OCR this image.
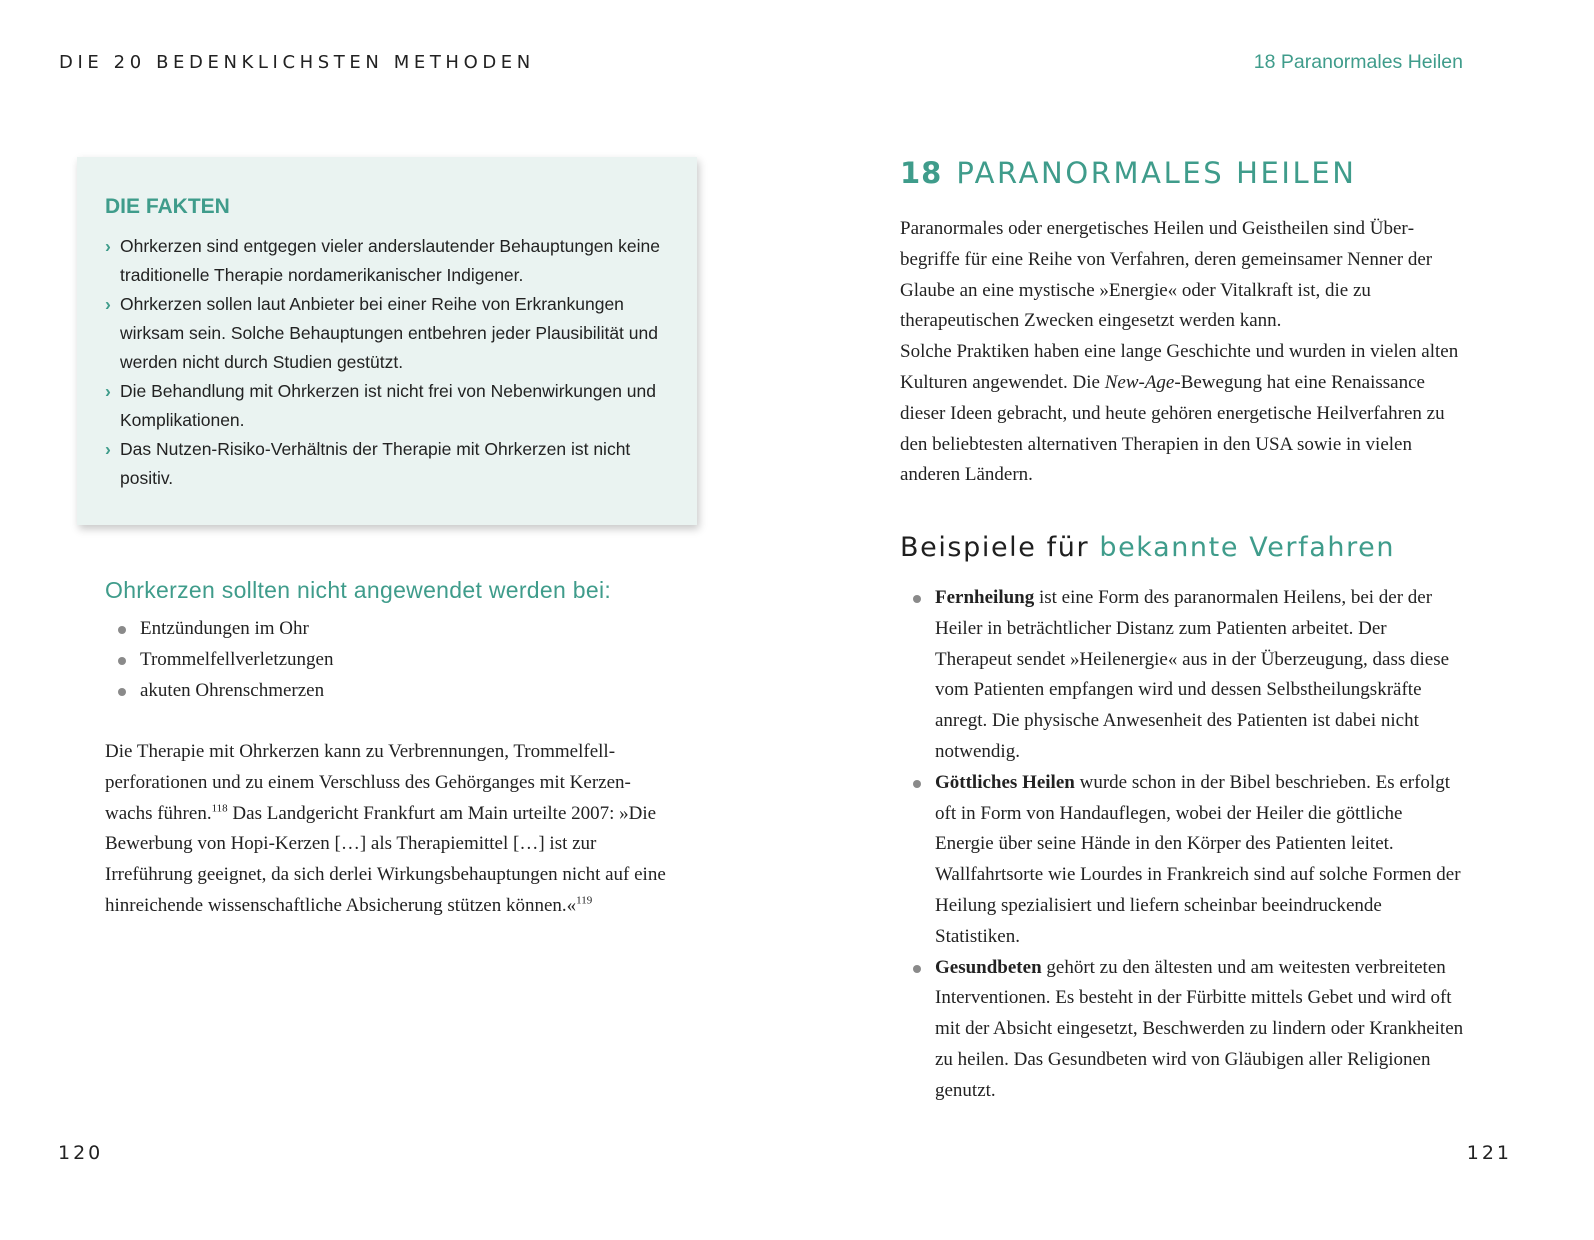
DIE 20 BEDENKLICHSTEN METHODEN	18 Paranormales Heilen
DIE FAKTEN
› Ohrkerzen sind entgegen vieler anderslautender Behauptungen keine traditionelle Therapie nordamerikanischer Indigener.
› Ohrkerzen sollen laut Anbieter bei einer Reihe von Erkrankungen wirksam sein. Solche Behauptungen entbehren jeder Plausibilität und werden nicht durch Studien gestützt.
› Die Behandlung mit Ohrkerzen ist nicht frei von Nebenwirkungen und Komplikationen.
› Das Nutzen-Risiko-Verhältnis der Therapie mit Ohrkerzen ist nicht positiv.
Ohrkerzen sollten nicht angewendet werden bei:
Entzündungen im Ohr
Trommelfellverletzungen
akuten Ohrenschmerzen

Die Therapie mit Ohrkerzen kann zu Verbrennungen, Trommelfellperforationen und zu einem Verschluss des Gehörganges mit Kerzenwachs führen.$^{118}$ Das Landgericht Frankfurt am Main urteilte 2007: »Die Bewerbung von Hopi-Kerzen […] als Therapiemittel […] ist zur Irreführung geeignet, da sich derlei Wirkungsbehauptungen nicht auf eine hinreichende wissenschaftliche Absicherung stützen können.«$^{119}$

18 PARANORMALES HEILEN

Paranormales oder energetisches Heilen und Geistheilen sind Überbegriffe für eine Reihe von Verfahren, deren gemeinsamer Nenner der Glaube an eine mystische »Energie« oder Vitalkraft ist, die zu therapeutischen Zwecken eingesetzt werden kann.
Solche Praktiken haben eine lange Geschichte und wurden in vielen alten Kulturen angewendet. Die New-Age-Bewegung hat eine Renaissance dieser Ideen gebracht, und heute gehören energetische Heilverfahren zu den beliebtesten alternativen Therapien in den USA sowie in vielen anderen Ländern.

Beispiele für bekannte Verfahren
Fernheilung ist eine Form des paranormalen Heilens, bei der der Heiler in beträchtlicher Distanz zum Patienten arbeitet. Der Therapeut sendet »Heilenergie« aus in der Überzeugung, dass diese vom Patienten empfangen wird und dessen Selbstheilungskräfte anregt. Die physische Anwesenheit des Patienten ist dabei nicht notwendig.
Göttliches Heilen wurde schon in der Bibel beschrieben. Es erfolgt oft in Form von Handauflegen, wobei der Heiler die göttliche Energie über seine Hände in den Körper des Patienten leitet. Wallfahrtsorte wie Lourdes in Frankreich sind auf solche Formen der Heilung spezialisiert und liefern scheinbar beeindruckende Statistiken.
Gesundbeten gehört zu den ältesten und am weitesten verbreiteten Interventionen. Es besteht in der Fürbitte mittels Gebet und wird oft mit der Absicht eingesetzt, Beschwerden zu lindern oder Krankheiten zu heilen. Das Gesundbeten wird von Gläubigen aller Religionen genutzt.
120	121
